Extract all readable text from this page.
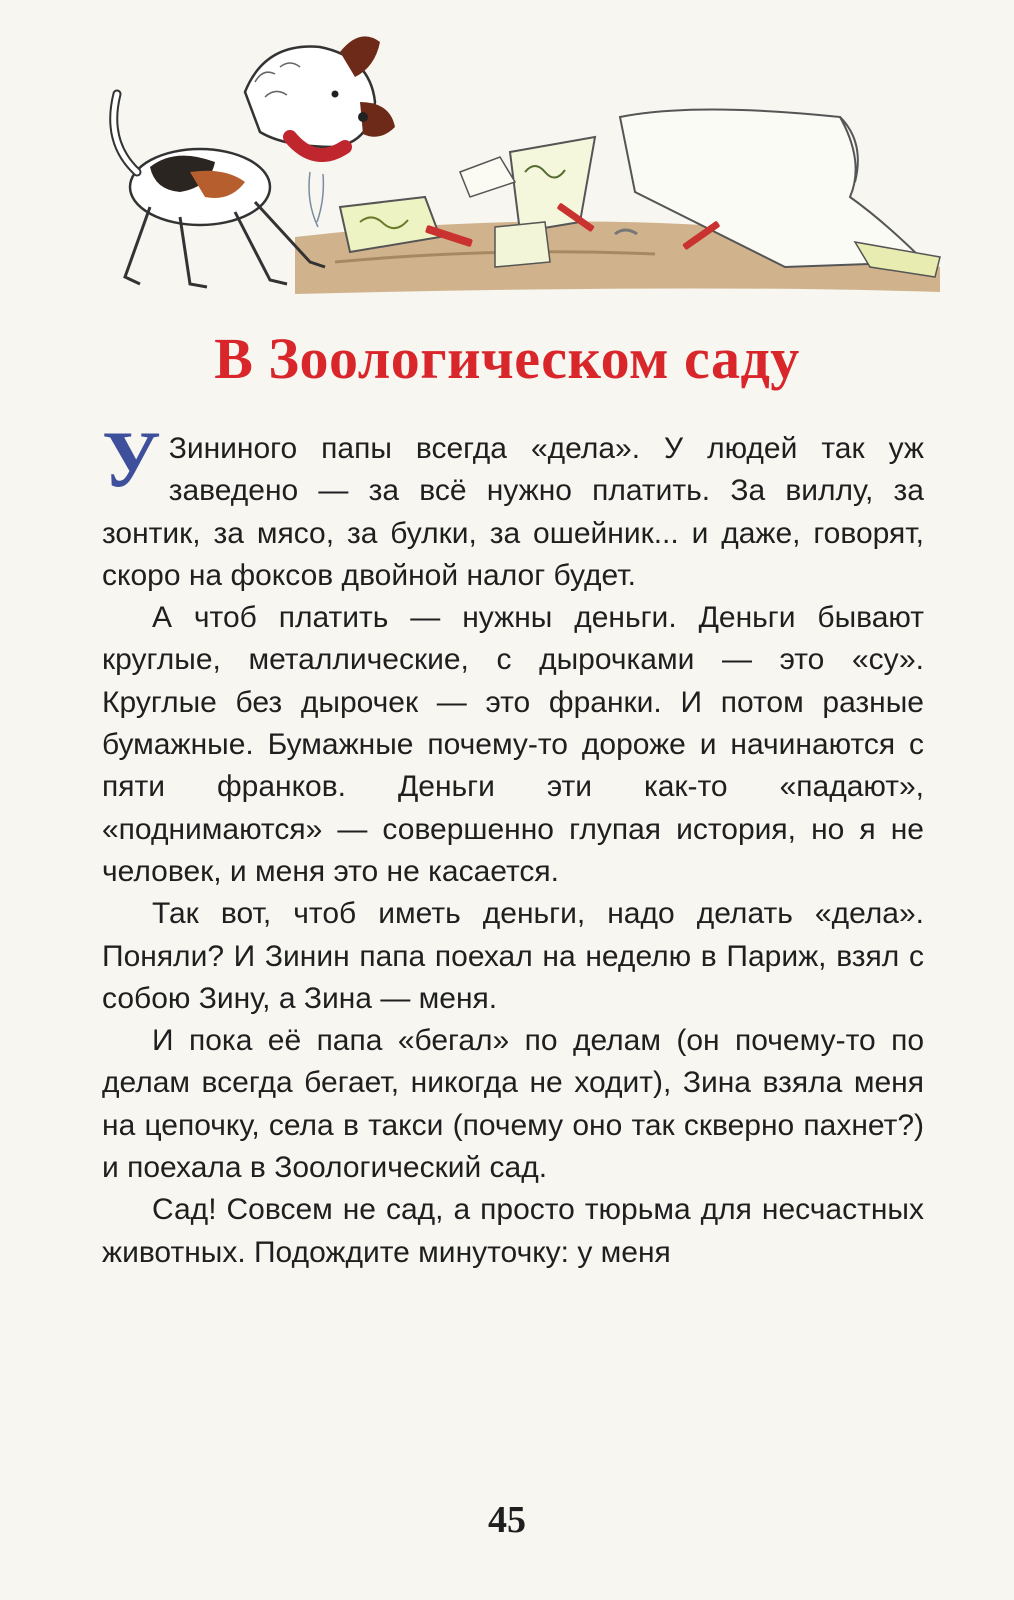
В Зоологическом саду

У Зининого папы всегда «дела». У людей так уж заведено — за всё нужно платить. За виллу, за зонтик, за мясо, за булки, за ошейник... и даже, говорят, скоро на фоксов двойной налог будет.

А чтоб платить — нужны деньги. Деньги бывают круглые, металлические, с дырочками — это «су». Круглые без дырочек — это франки. И потом разные бумажные. Бумажные почему-то дороже и начинаются с пяти франков. Деньги эти как-то «падают», «поднимаются» — совершенно глупая история, но я не человек, и меня это не касается.

Так вот, чтоб иметь деньги, надо делать «дела». Поняли? И Зинин папа поехал на неделю в Париж, взял с собою Зину, а Зина — меня.

И пока её папа «бегал» по делам (он почему-то по делам всегда бегает, никогда не ходит), Зина взяла меня на цепочку, села в такси (почему оно так скверно пахнет?) и поехала в Зоологический сад.

Сад! Совсем не сад, а просто тюрьма для несчастных животных. Подождите минуточку: у меня

45
